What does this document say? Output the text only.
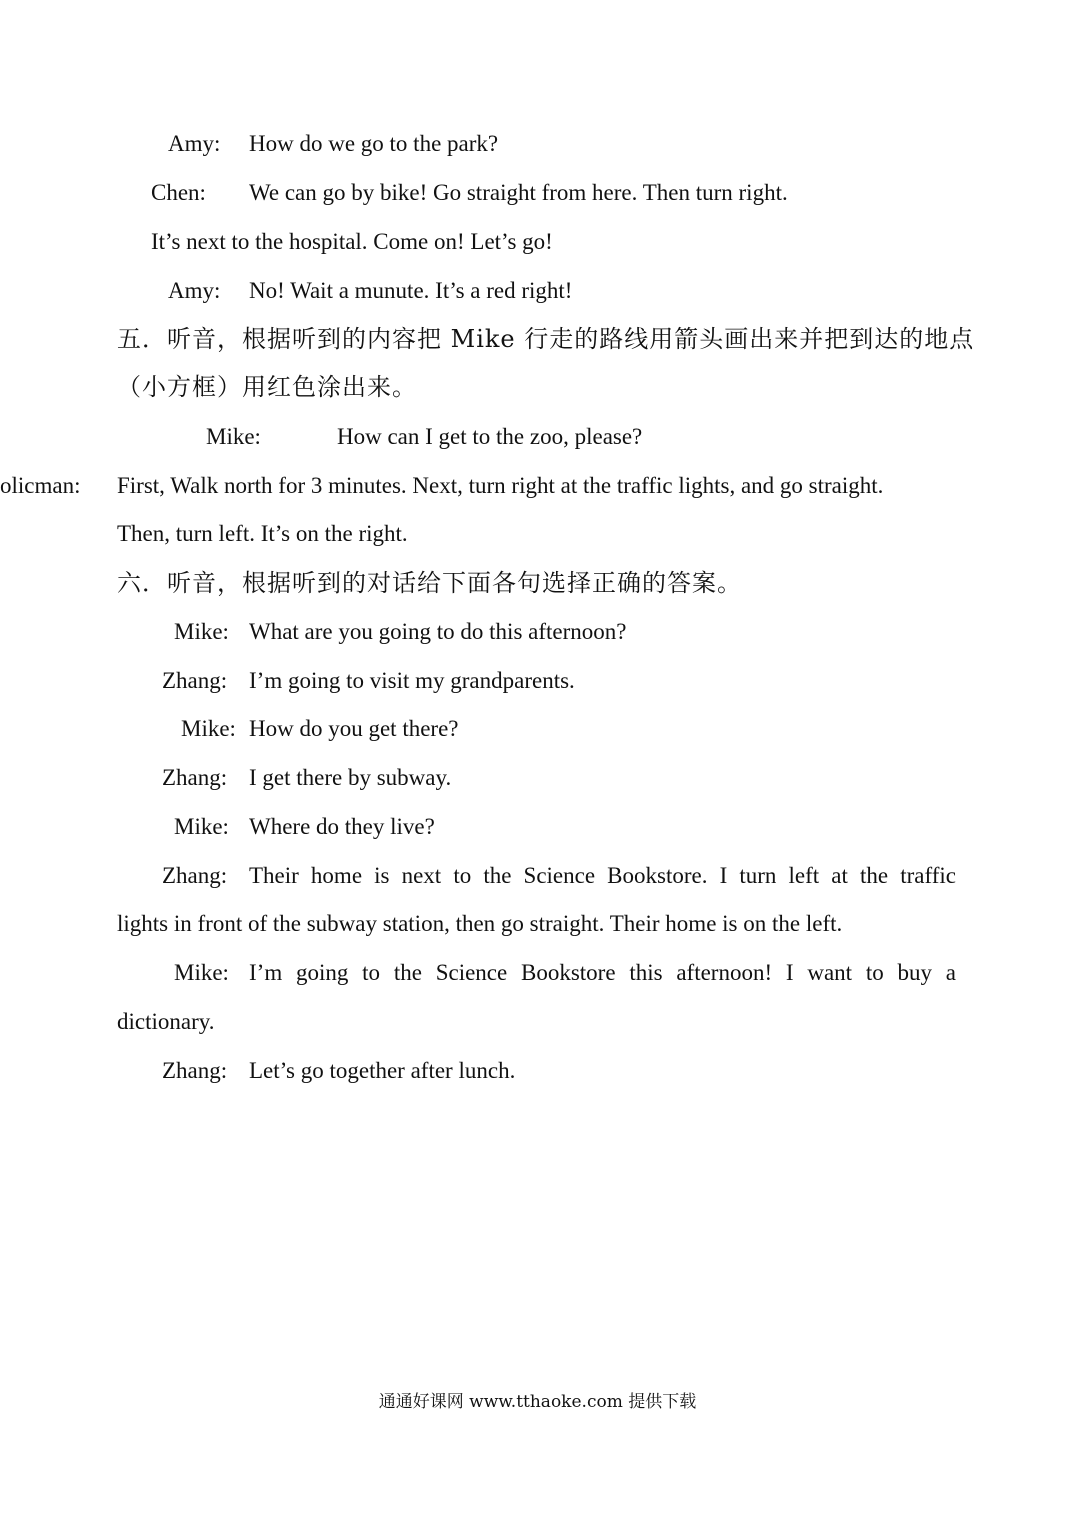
Amy: How do we go to the park?
Chen: We can go by bike! Go straight from here. Then turn right.
It’s next to the hospital. Come on! Let’s go!
Amy: No! Wait a munute. It’s a red right!
五．听音，根据听到的内容把 Mike 行走的路线用箭头画出来并把到达的地点
（小方框）用红色涂出来。
Mike:	How can I get to the zoo, please?
olicman: First, Walk north for 3 minutes. Next, turn right at the traffic lights, and go straight.
Then, turn left. It’s on the right.
六．听音，根据听到的对话给下面各句选择正确的答案。
Mike: What are you going to do this afternoon?
Zhang: I’m going to visit my grandparents.
Mike: How do you get there?
Zhang: I get there by subway.
Mike: Where do they live?
Zhang: Their home is next to the Science Bookstore. I turn left at the traffic
lights in front of the subway station, then go straight. Their home is on the left.
Mike: I’m going to the Science Bookstore this afternoon! I want to buy a
dictionary.
Zhang: Let’s go together after lunch.
通通好课网 www.tthaoke.com 提供下载
